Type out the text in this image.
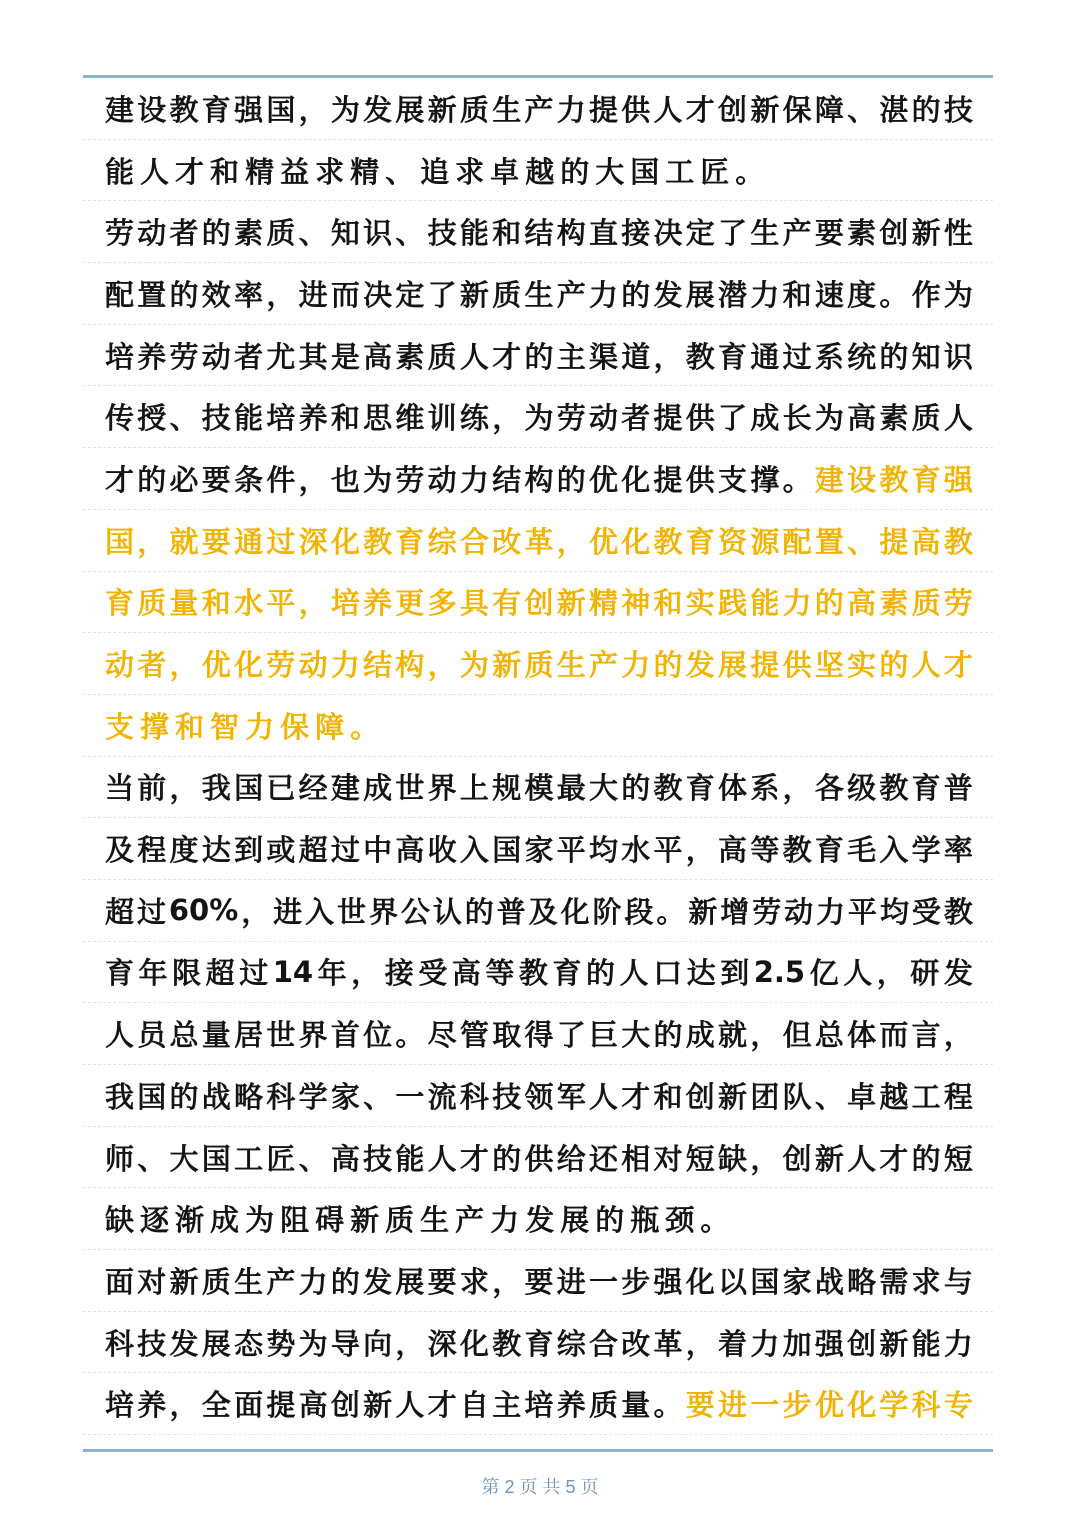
建 设 教 育 强 国 ， 为 发 展 新 质 生 产 力 提 供 人 才 创 新 保 障 、 湛 的 技
能 人 才 和 精 益 求 精 、 追 求 卓 越 的 大 国 工 匠 。
劳 动 者 的 素 质 、 知 识 、 技 能 和 结 构 直 接 决 定 了 生 产 要 素 创 新 性
配 置 的 效 率 ， 进 而 决 定 了 新 质 生 产 力 的 发 展 潜 力 和 速 度 。 作 为
培 养 劳 动 者 尤 其 是 高 素 质 人 才 的 主 渠 道 ， 教 育 通 过 系 统 的 知 识
传 授 、 技 能 培 养 和 思 维 训 练 ， 为 劳 动 者 提 供 了 成 长 为 高 素 质 人
才 的 必 要 条 件 ， 也 为 劳 动 力 结 构 的 优 化 提 供 支 撑 。 建 设 教 育 强
国 ， 就 要 通 过 深 化 教 育 综 合 改 革 ， 优 化 教 育 资 源 配 置 、 提 高 教
育 质 量 和 水 平 ， 培 养 更 多 具 有 创 新 精 神 和 实 践 能 力 的 高 素 质 劳
动 者 ， 优 化 劳 动 力 结 构 ， 为 新 质 生 产 力 的 发 展 提 供 坚 实 的 人 才
支 撑 和 智 力 保 障 。
当 前 ， 我 国 已 经 建 成 世 界 上 规 模 最 大 的 教 育 体 系 ， 各 级 教 育 普
及 程 度 达 到 或 超 过 中 高 收 入 国 家 平 均 水 平 ， 高 等 教 育 毛 入 学 率
超 过 60% ， 进 入 世 界 公 认 的 普 及 化 阶 段 。 新 增 劳 动 力 平 均 受 教
育 年 限 超 过 14 年 ， 接 受 高 等 教 育 的 人 口 达 到 2.5 亿 人 ， 研 发
人 员 总 量 居 世 界 首 位 。 尽 管 取 得 了 巨 大 的 成 就 ， 但 总 体 而 言 ，
我 国 的 战 略 科 学 家 、 一 流 科 技 领 军 人 才 和 创 新 团 队 、 卓 越 工 程
师 、 大 国 工 匠 、 高 技 能 人 才 的 供 给 还 相 对 短 缺 ， 创 新 人 才 的 短
缺 逐 渐 成 为 阻 碍 新 质 生 产 力 发 展 的 瓶 颈 。
面 对 新 质 生 产 力 的 发 展 要 求 ， 要 进 一 步 强 化 以 国 家 战 略 需 求 与
科 技 发 展 态 势 为 导 向 ， 深 化 教 育 综 合 改 革 ， 着 力 加 强 创 新 能 力
培 养 ， 全 面 提 高 创 新 人 才 自 主 培 养 质 量 。 要 进 一 步 优 化 学 科 专
第 2 页 共 5 页
